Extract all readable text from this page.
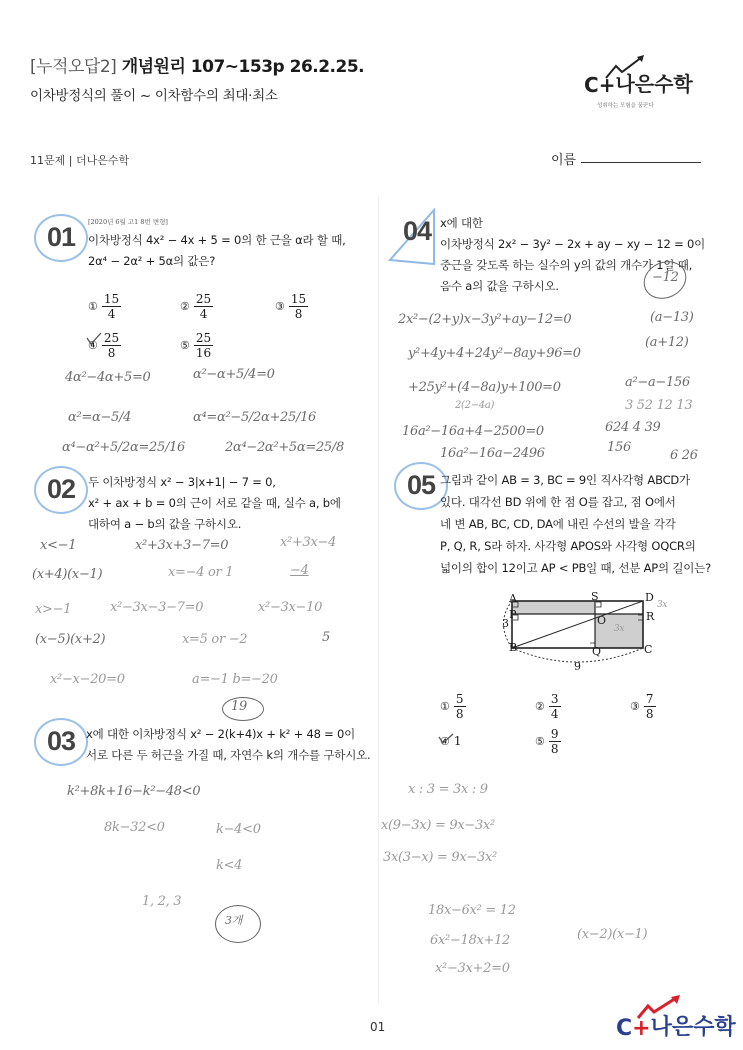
[누적오답2] 개념원리 107~153p 26.2.25.
이차방정식의 풀이 ~ 이차함수의 최대·최소	C + 나은수학
성취하는 모험을 꿈꾼다
11문제 | 더나은수학	이름
01	[2020년 6월 고1 8번 변형]
이차방정식 4x² − 4x + 5 = 0의 한 근을 α라 할 때,
2α⁴ − 2α² + 5α의 값은?
① $\frac{15}{4}$	② $\frac{25}{4}$	③ $\frac{15}{8}$
④ $\frac{25}{8}$	⑤ $\frac{25}{16}$
4α²−4α+5=0	α²−α+5/4=0
α²=α−5/4	α⁴=α²−5/2α+25/16
α⁴−α²+5/2α=25/16	2α⁴−2α²+5α=25/8
02	두 이차방정식 x² − 3|x+1| − 7 = 0,
x² + ax + b = 0의 근이 서로 같을 때, 실수 a, b에
대하여 a − b의 값을 구하시오.
x<−1	x²+3x+3−7=0	x²+3x−4
(x+4)(x−1)	x=−4 or 1	−4
x>−1	x²−3x−3−7=0	x²−3x−10
(x−5)(x+2)	x=5 or −2	5
x²−x−20=0	a=−1 b=−20
19
03 x에 대한 이차방정식 x² − 2(k+4)x + k² + 48 = 0이
서로 다른 두 허근을 가질 때, 자연수 k의 개수를 구하시오.
k²+8k+16−k²−48<0
8k−32<0	k−4<0
k<4
1, 2, 3
3개
04 x에 대한
이차방정식 2x² − 3y² − 2x + ay − xy − 12 = 0이
중근을 갖도록 하는 실수의 y의 값의 개수가 1일 때,
음수 a의 값을 구하시오.
−12
2x²−(2+y)x−3y²+ay−12=0	(a−13)
(a+12)
y²+4y+4+24y²−8ay+96=0
+25y²+(4−8a)y+100=0
2(2−4a)
a²−a−156
3 52 12 13
16a²−16a+4−2500=0	624 4 39
16a²−16a−2496	156
6 26
05 그림과 같이 AB = 3, BC = 9인 직사각형 ABCD가
있다. 대각선 BD 위에 한 점 O를 잡고, 점 O에서
네 변 AB, BC, CD, DA에 내린 수선의 발을 각각
P, Q, R, S라 하자. 사각형 APOS와 사각형 OQCR의
넓이의 합이 12이고 AP < PB일 때, 선분 AP의 길이는?
A	S	D
P	O	R
B	Q	C
3
9
3x
3x
① $\frac{5}{8}$	② $\frac{3}{4}$	③ $\frac{7}{8}$
④ 1	⑤ $\frac{9}{8}$
x : 3 = 3x : 9
x(9−3x) = 9x−3x²
3x(3−x) = 9x−3x²
18x−6x² = 12
6x²−18x+12	(x−2)(x−1)
x²−3x+2=0
01	C + 나은수학
